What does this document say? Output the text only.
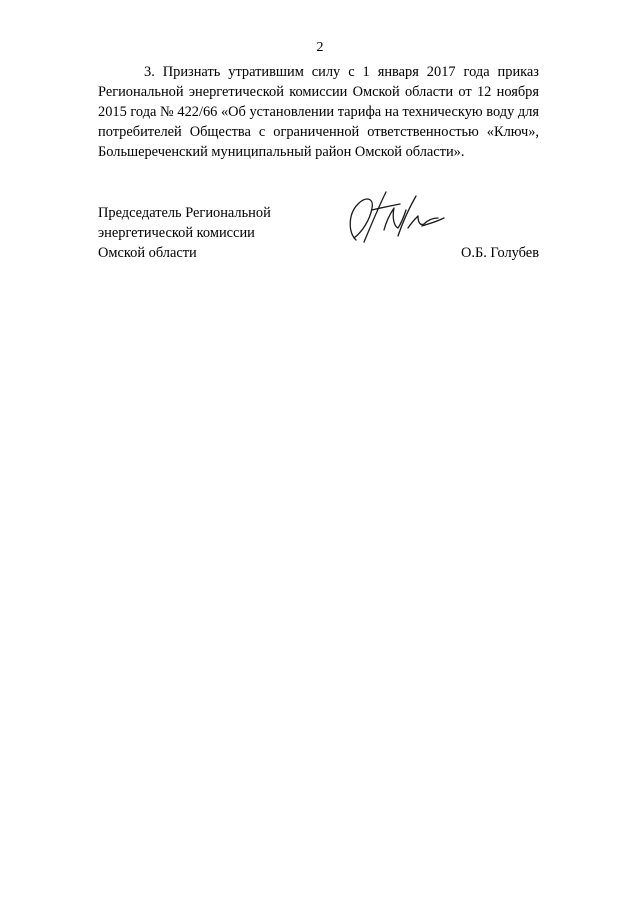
2

3. Признать утратившим силу с 1 января 2017 года приказ Региональной энергетической комиссии Омской области от 12 ноября 2015 года № 422/66 «Об установлении тарифа на техническую воду для потребителей Общества с ограниченной ответственностью «Ключ», Большереченский муниципальный район Омской области».

Председатель Региональной
энергетической комиссии
Омской области	О.Б. Голубев
